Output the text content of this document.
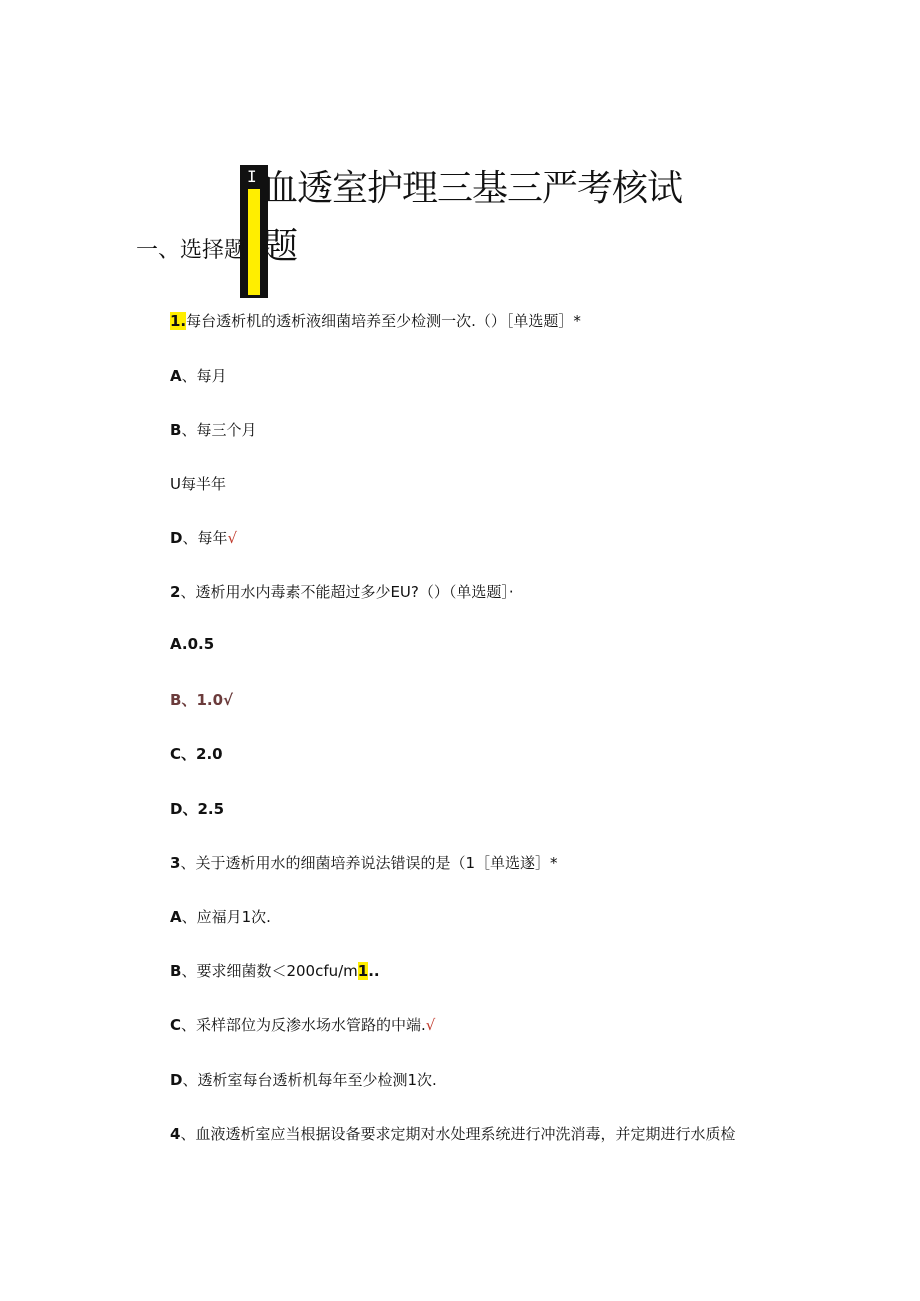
I 血透室护理三基三严考核试
题
一、选择题
1.每台透析机的透析液细菌培养至少检测一次.（）［单选题］*
A、每月
B、每三个月
U每半年
D、每年√
2、透析用水内毒素不能超过多少EU?（）（单选题］·
A.0.5
B、1.0√
C、2.0
D、2.5
3、关于透析用水的细菌培养说法错误的是（1［单选遂］*
A、应福月1次.
B、要求细菌数＜200cfu/m1..
C、采样部位为反渗水场水管路的中端.√
D、透析室每台透析机每年至少检测1次.
4、血液透析室应当根据设备要求定期对水处理系统进行冲洗消毒，并定期进行水质检
